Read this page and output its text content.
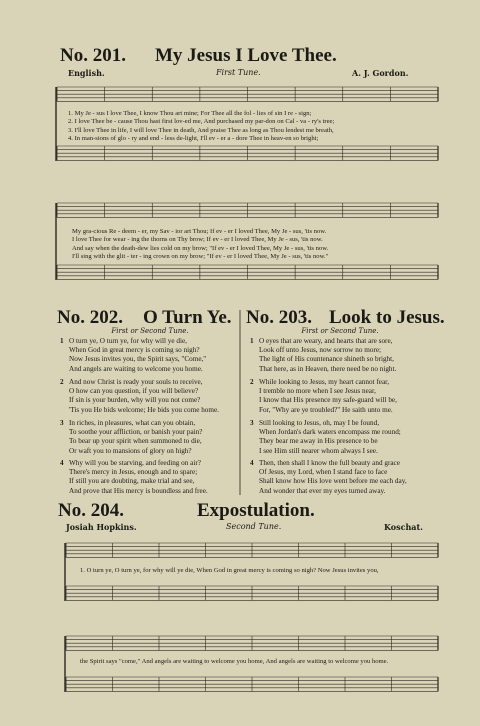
No. 201. My Jesus I Love Thee.
English.	First Tune.	A. J. Gordon.
1. My Je - sus I love Thee, I know Thou art mine; For Thee all the fol - lies of sin I re - sign;
2. I love Thee be - cause Thou hast first lov-ed me, And purchased my par-don on Cal - va - ry's tree;
3. I'll love Thee in life, I will love Thee in death, And praise Thee as long as Thou lendest me breath,
4. In man-sions of glo - ry and end - less de-light, I'll ev - er a - dore Thee in heav-en so bright;
My gra-cious Re - deem - er, my Sav - ior art Thou; If ev - er I loved Thee, My Je - sus, 'tis now.
I love Thee for wear - ing the thorns on Thy brow; If ev - er I loved Thee, My Je - sus, 'tis now.
And say when the death-dew lies cold on my brow; "If ev - er I loved Thee, My Je - sus, 'tis now.
I'll sing with the glit - ter - ing crown on my brow; "If ev - er I loved Thee, My Je - sus, 'tis now."
No. 202. O Turn Ye.
First or Second Tune.
1 O turn ye, O turn ye, for why will ye die,
When God in great mercy is coming so nigh?
Now Jesus invites you, the Spirit says, "Come,"
And angels are waiting to welcome you home.
2 And now Christ is ready your souls to receive,
O how can you question, if you will believe?
If sin is your burden, why will you not come?
'Tis you He bids welcome; He bids you come home.
3 In riches, in pleasures, what can you obtain,
To soothe your affliction, or banish your pain?
To bear up your spirit when summoned to die,
Or waft you to mansions of glory on high?
4 Why will you be starving, and feeding on air?
There's mercy in Jesus, enough and to spare;
If still you are doubting, make trial and see,
And prove that His mercy is boundless and free.
No. 203. Look to Jesus.
First or Second Tune.
1 O eyes that are weary, and hearts that are sore,
Look off unto Jesus, now sorrow no more;
The light of His countenance shineth so bright,
That here, as in Heaven, there need be no night.
2 While looking to Jesus, my heart cannot fear,
I tremble no more when I see Jesus near,
I know that His presence my safe-guard will be,
For, "Why are ye troubled?" He saith unto me.
3 Still looking to Jesus, oh, may I be found,
When Jordan's dark waters encompass me round;
They bear me away in His presence to be
I see Him still nearer whom always I see.
4 Then, then shall I know the full beauty and grace
Of Jesus, my Lord, when I stand face to face
Shall know how His love went before me each day,
And wonder that ever my eyes turned away.
No. 204.	Expostulation.
Josiah Hopkins.	Second Tune.	Koschat.
1. O turn ye, O turn ye, for why will ye die, When God in great mercy is coming so nigh? Now Jesus invites you,
the Spirit says "come," And angels are waiting to welcome you home, And angels are waiting to welcome you home.
